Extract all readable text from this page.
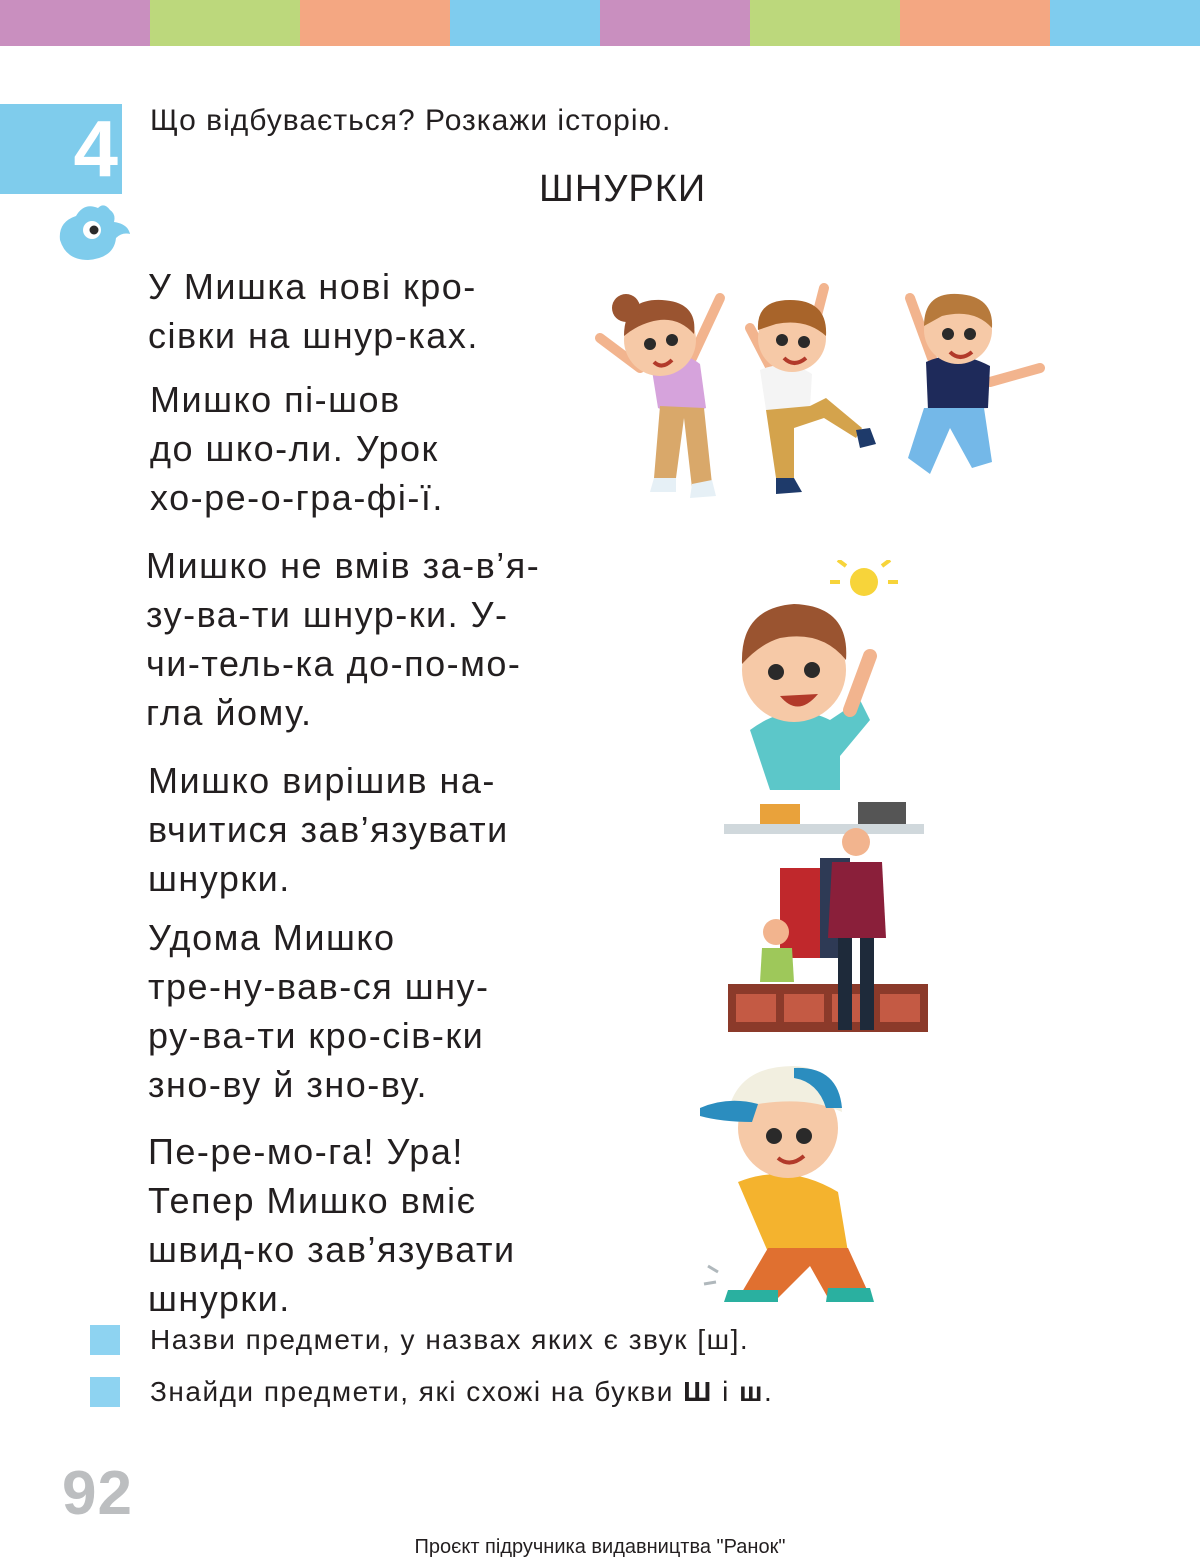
4 Що відбувається? Розкажи історію.
ШНУРКИ
У Мишка нові кро-
сівки на шнур-ках.
Мишко пі-шов
до шко-ли. Урок
хо-ре-о-гра-фі-ї.
Мишко не вмів за-в’я-
зу-ва-ти шнур-ки. У-
чи-тель-ка до-по-мо-
гла йому.
Мишко вирішив на-
вчитися зав’язувати
шнурки.
Удома Мишко
тре-ну-вав-ся шну-
ру-ва-ти кро-сів-ки
зно-ву й зно-ву.
Пе-ре-мо-га! Ура!
Тепер Мишко вміє
швид-ко зав’язувати
шнурки.
Назви предмети, у назвах яких є звук [ш].
Знайди предмети, які схожі на букви Ш і ш.
92
Проєкт підручника видавництва "Ранок"
